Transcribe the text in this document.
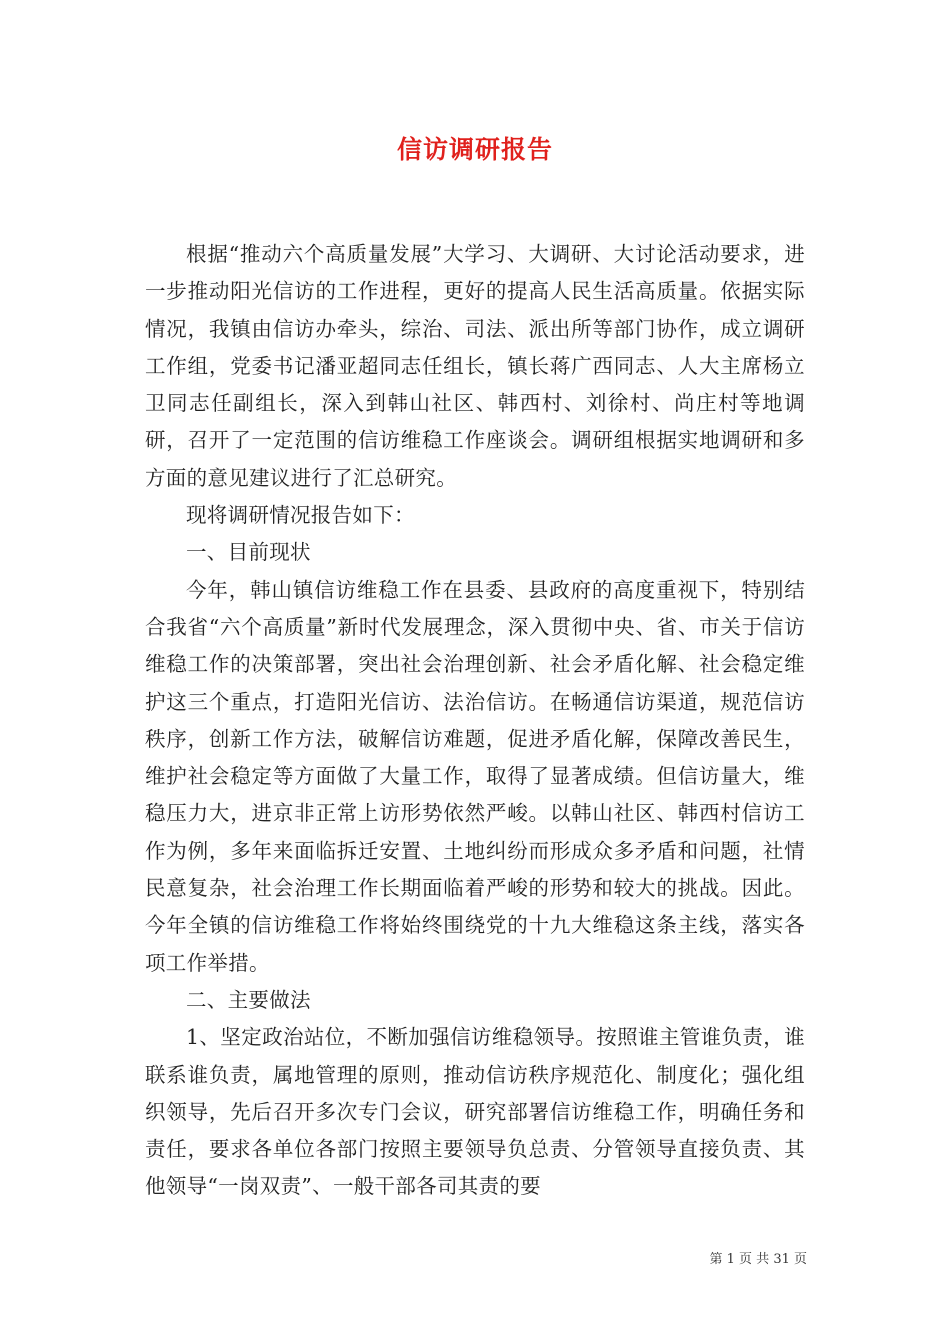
信访调研报告

根据“推动六个高质量发展”大学习、大调研、大讨论活动要求，进一步推动阳光信访的工作进程，更好的提高人民生活高质量。依据实际情况，我镇由信访办牵头，综治、司法、派出所等部门协作，成立调研工作组，党委书记潘亚超同志任组长，镇长蒋广西同志、人大主席杨立卫同志任副组长，深入到韩山社区、韩西村、刘徐村、尚庄村等地调研，召开了一定范围的信访维稳工作座谈会。调研组根据实地调研和多方面的意见建议进行了汇总研究。

现将调研情况报告如下：

一、目前现状

今年，韩山镇信访维稳工作在县委、县政府的高度重视下，特别结合我省“六个高质量”新时代发展理念，深入贯彻中央、省、市关于信访维稳工作的决策部署，突出社会治理创新、社会矛盾化解、社会稳定维护这三个重点，打造阳光信访、法治信访。在畅通信访渠道，规范信访秩序，创新工作方法，破解信访难题，促进矛盾化解，保障改善民生，维护社会稳定等方面做了大量工作，取得了显著成绩。但信访量大，维稳压力大，进京非正常上访形势依然严峻。以韩山社区、韩西村信访工作为例，多年来面临拆迁安置、土地纠纷而形成众多矛盾和问题，社情民意复杂，社会治理工作长期面临着严峻的形势和较大的挑战。因此。今年全镇的信访维稳工作将始终围绕党的十九大维稳这条主线，落实各项工作举措。

二、主要做法

1、坚定政治站位，不断加强信访维稳领导。按照谁主管谁负责，谁联系谁负责，属地管理的原则，推动信访秩序规范化、制度化；强化组织领导，先后召开多次专门会议，研究部署信访维稳工作，明确任务和责任，要求各单位各部门按照主要领导负总责、分管领导直接负责、其他领导“一岗双责”、一般干部各司其责的要

第 1 页 共 31 页
